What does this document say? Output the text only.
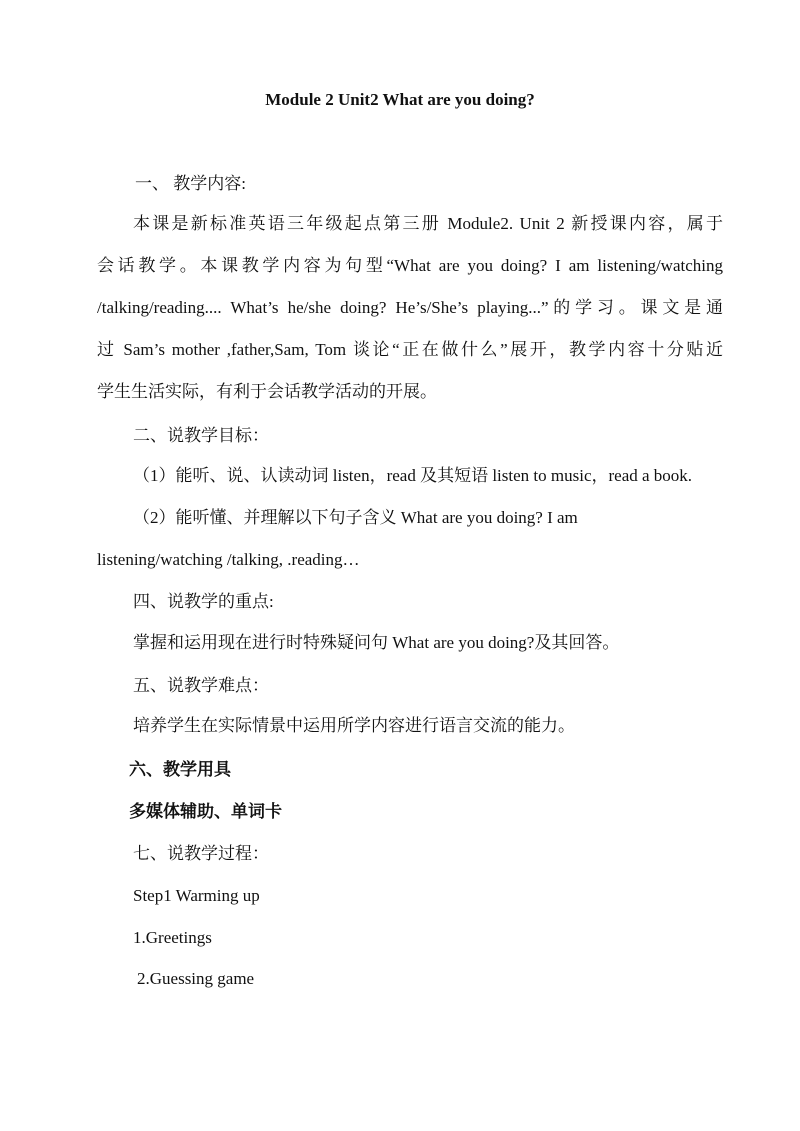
Module 2 Unit2 What are you doing?
一、 教学内容:
本课是新标准英语三年级起点第三册 Module2. Unit 2 新授课内容，属于
会话教学。本课教学内容为句型“What are you doing? I am listening/watching
/talking/reading.... What’s he/she doing? He’s/She’s playing...”的学习。课文是通
过 Sam’s mother ,father,Sam, Tom 谈论“正在做什么”展开，教学内容十分贴近
学生生活实际，有利于会话教学活动的开展。
二、说教学目标：
（1）能听、说、认读动词 listen，read 及其短语 listen to music，read a book.
（2）能听懂、并理解以下句子含义 What are you doing? I am
listening/watching /talking, .reading…
四、说教学的重点:
掌握和运用现在进行时特殊疑问句 What are you doing?及其回答。
五、说教学难点：
培养学生在实际情景中运用所学内容进行语言交流的能力。
六、教学用具
多媒体辅助、单词卡
七、说教学过程：
Step1 Warming up
1.Greetings
2.Guessing game
